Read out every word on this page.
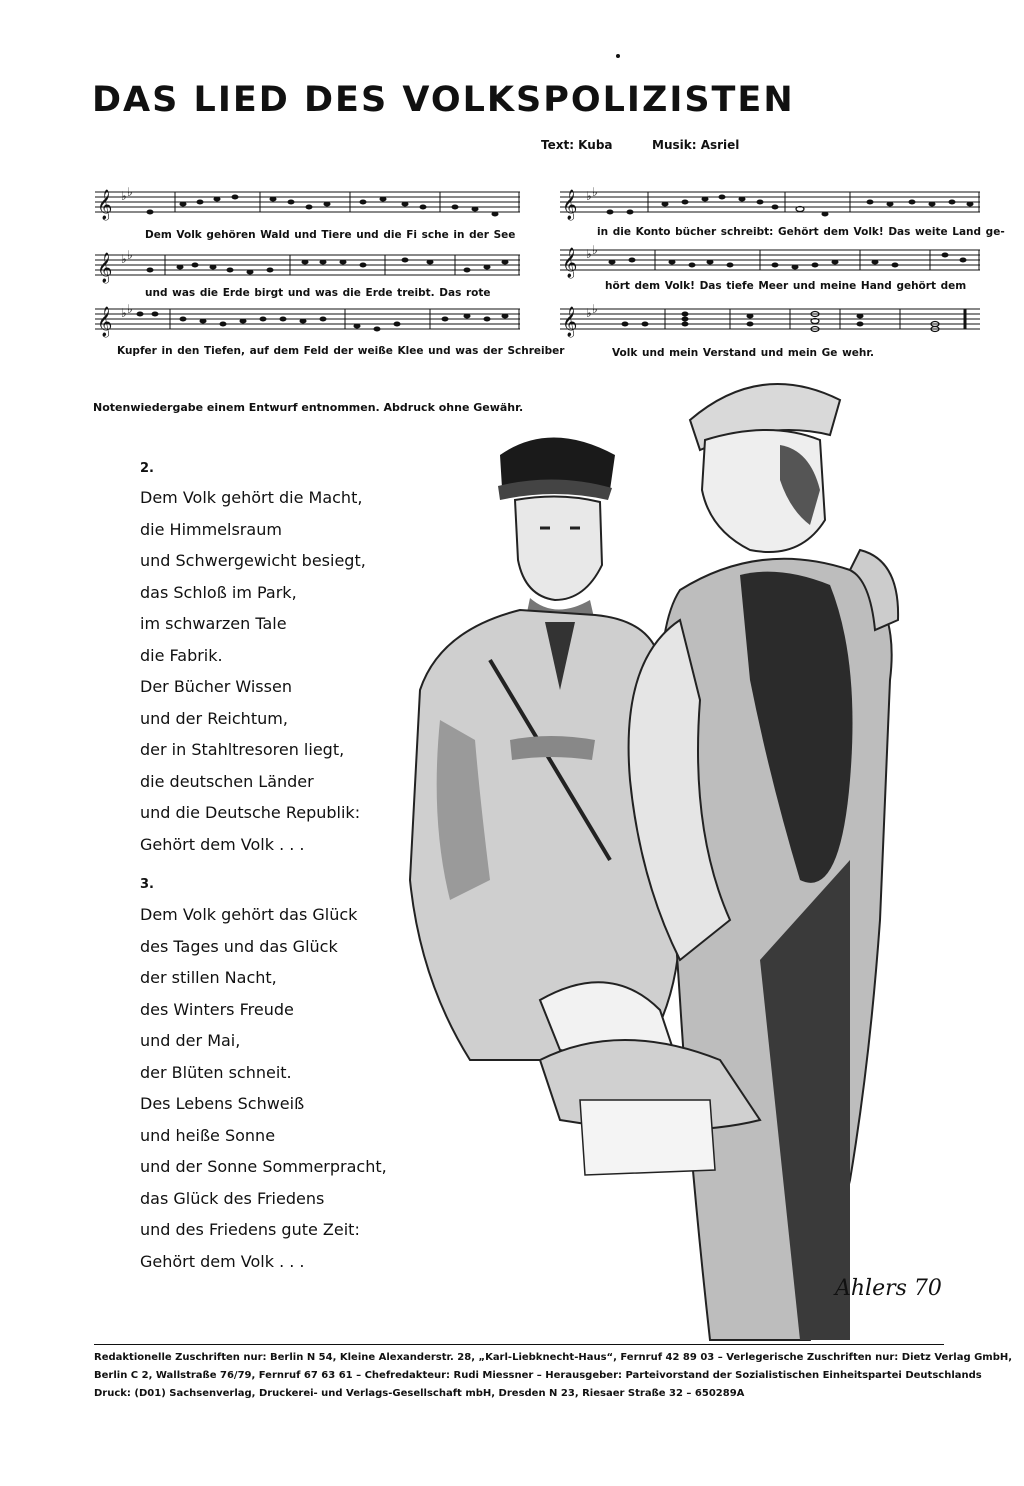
DAS LIED DES VOLKSPOLIZISTEN
Text: Kuba	Musik: Asriel
𝄞 ♭ ♭
Dem Volk gehören Wald und Tiere und die Fi sche in der See
𝄞 ♭ ♭
und was die Erde birgt und was die Erde treibt. Das rote
𝄞 ♭ ♭
Kupfer in den Tiefen, auf dem Feld der weiße Klee und was der Schreiber
𝄞 ♭ ♭
in die Konto bücher schreibt: Gehört dem Volk! Das weite Land ge-
𝄞 ♭ ♭
hört dem Volk! Das tiefe Meer und meine Hand gehört dem
𝄞 ♭ ♭
Volk und mein Verstand und mein Ge wehr.
Notenwiedergabe einem Entwurf entnommen. Abdruck ohne Gewähr.
2.
Dem Volk gehört die Macht,
die Himmelsraum
und Schwergewicht besiegt,
das Schloß im Park,
im schwarzen Tale
die Fabrik.
Der Bücher Wissen
und der Reichtum,
der in Stahltresoren liegt,
die deutschen Länder
und die Deutsche Republik:
Gehört dem Volk . . .
3.
Dem Volk gehört das Glück
des Tages und das Glück
der stillen Nacht,
des Winters Freude
und der Mai,
der Blüten schneit.
Des Lebens Schweiß
und heiße Sonne
und der Sonne Sommerpracht,
das Glück des Friedens
und des Friedens gute Zeit:
Gehört dem Volk . . .
Ahlers 70
Redaktionelle Zuschriften nur: Berlin N 54, Kleine Alexanderstr. 28, „Karl-Liebknecht-Haus“, Fernruf 42 89 03 – Verlegerische Zuschriften nur: Dietz Verlag GmbH,
Berlin C 2, Wallstraße 76/79, Fernruf 67 63 61 – Chefredakteur: Rudi Miessner – Herausgeber: Parteivorstand der Sozialistischen Einheitspartei Deutschlands
Druck: (D01) Sachsenverlag, Druckerei- und Verlags-Gesellschaft mbH, Dresden N 23, Riesaer Straße 32 – 650289A
